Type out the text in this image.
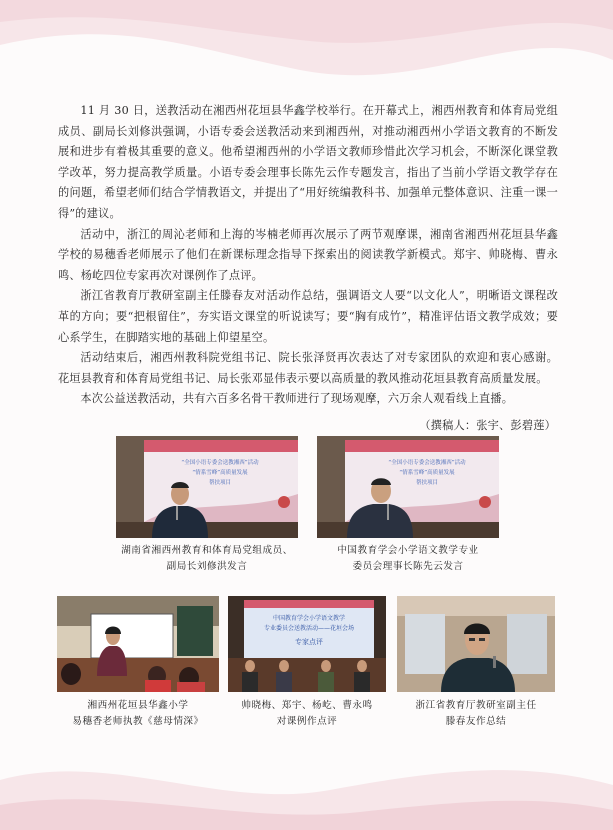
11 月 30 日，送教活动在湘西州花垣县华鑫学校举行。在开幕式上，湘西州教育和体育局党组成员、副局长刘修洪强调，小语专委会送教活动来到湘西州，对推动湘西州小学语文教育的不断发展和进步有着极其重要的意义。他希望湘西州的小学语文教师珍惜此次学习机会，不断深化课堂教学改革，努力提高教学质量。小语专委会理事长陈先云作专题发言，指出了当前小学语文教学存在的问题，希望老师们结合学情教语文，并提出了“用好统编教科书、加强单元整体意识、注重一课一得”的建议。

活动中，浙江的周沁老师和上海的岑楠老师再次展示了两节观摩课，湘南省湘西州花垣县华鑫学校的易穗香老师展示了他们在新课标理念指导下探索出的阅读教学新模式。郑宇、帅晓梅、曹永鸣、杨屹四位专家再次对课例作了点评。

浙江省教育厅教研室副主任滕春友对活动作总结，强调语文人要“以文化人”，明晰语文课程改革的方向；要“把根留住”，夯实语文课堂的听说读写；要“胸有成竹”，精准评估语文教学成效；要心系学生，在脚踏实地的基础上仰望星空。

活动结束后，湘西州教科院党组书记、院长张泽贤再次表达了对专家团队的欢迎和衷心感谢。花垣县教育和体育局党组书记、局长张邓显伟表示要以高质量的教风推动花垣县教育高质量发展。

本次公益送教活动，共有六百多名骨干教师进行了现场观摩，六万余人观看线上直播。

（撰稿人：张宇、彭碧莲）
“全国小语专委会送教湘西”活动
“情系雪峰”高质量发展
帮扶项目
湖南省湘西州教育和体育局党组成员、
副局长刘修洪发言
“全国小语专委会送教湘西”活动
“情系雪峰”高质量发展
帮扶项目
中国教育学会小学语文教学专业
委员会理事长陈先云发言
湘西州花垣县华鑫小学
易穗香老师执教《慈母情深》
中国教育学会小学语文教学
专业委员会送教活动——花垣会场
专家点评
帅晓梅、郑宇、杨屹、曹永鸣
对课例作点评
浙江省教育厅教研室副主任
滕春友作总结
